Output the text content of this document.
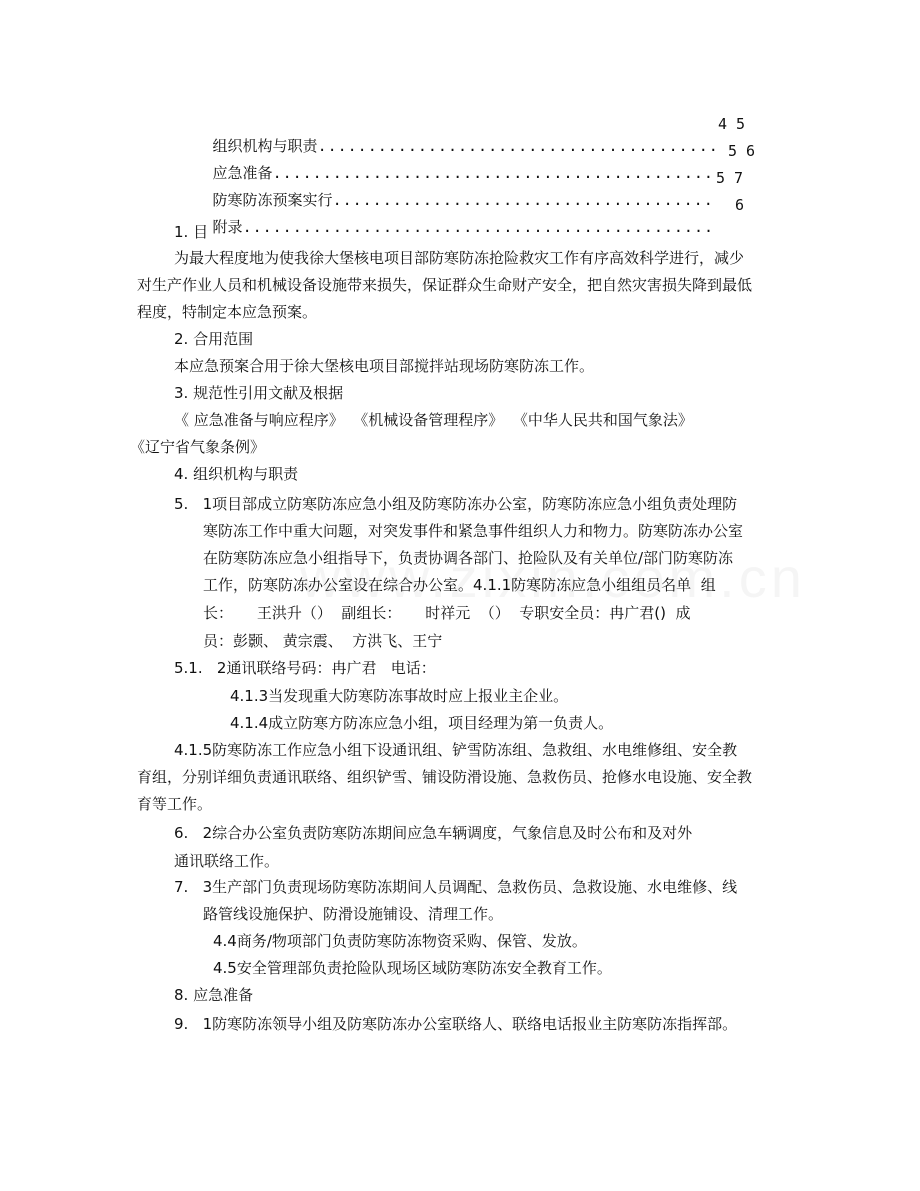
组织机构与职责........................................

4 5

应急准备............................................

5 6

防寒防冻预案实行......................................

5 7

附录...............................................

6
1. 目
为最大程度地为使我徐大堡核电项目部防寒防冻抢险救灾工作有序高效科学进行，减少
对生产作业人员和机械设备设施带来损失，保证群众生命财产安全，把自然灾害损失降到最低
程度，特制定本应急预案。
2. 合用范围
本应急预案合用于徐大堡核电项目部搅拌站现场防寒防冻工作。
3. 规范性引用文献及根据
《 应急准备与响应程序》  《机械设备管理程序》  《中华人民共和国气象法》
《辽宁省气象条例》
4. 组织机构与职责
5.   1项目部成立防寒防冻应急小组及防寒防冻办公室，防寒防冻应急小组负责处理防
寒防冻工作中重大问题，对突发事件和紧急事件组织人力和物力。防寒防冻办公室
在防寒防冻应急小组指导下，负责协调各部门、抢险队及有关单位/部门防寒防冻
工作，防寒防冻办公室设在综合办公室。4.1.1防寒防冻应急小组组员名单  组
长：     王洪升（）  副组长：     时祥元  （）  专职安全员：冉广君()  成
员：彭颢、 黄宗震、  方洪飞、王宁
5.1.   2通讯联络号码：冉广君   电话：
4.1.3当发现重大防寒防冻事故时应上报业主企业。
4.1.4成立防寒方防冻应急小组，项目经理为第一负责人。
4.1.5防寒防冻工作应急小组下设通讯组、铲雪防冻组、急救组、水电维修组、安全教
育组，分别详细负责通讯联络、组织铲雪、铺设防滑设施、急救伤员、抢修水电设施、安全教
育等工作。
6.   2综合办公室负责防寒防冻期间应急车辆调度，气象信息及时公布和及对外
通讯联络工作。
7.   3生产部门负责现场防寒防冻期间人员调配、急救伤员、急救设施、水电维修、线
路管线设施保护、防滑设施铺设、清理工作。
4.4商务/物项部门负责防寒防冻物资采购、保管、发放。
4.5安全管理部负责抢险队现场区域防寒防冻安全教育工作。
8. 应急准备
9.   1防寒防冻领导小组及防寒防冻办公室联络人、联络电话报业主防寒防冻指挥部。
